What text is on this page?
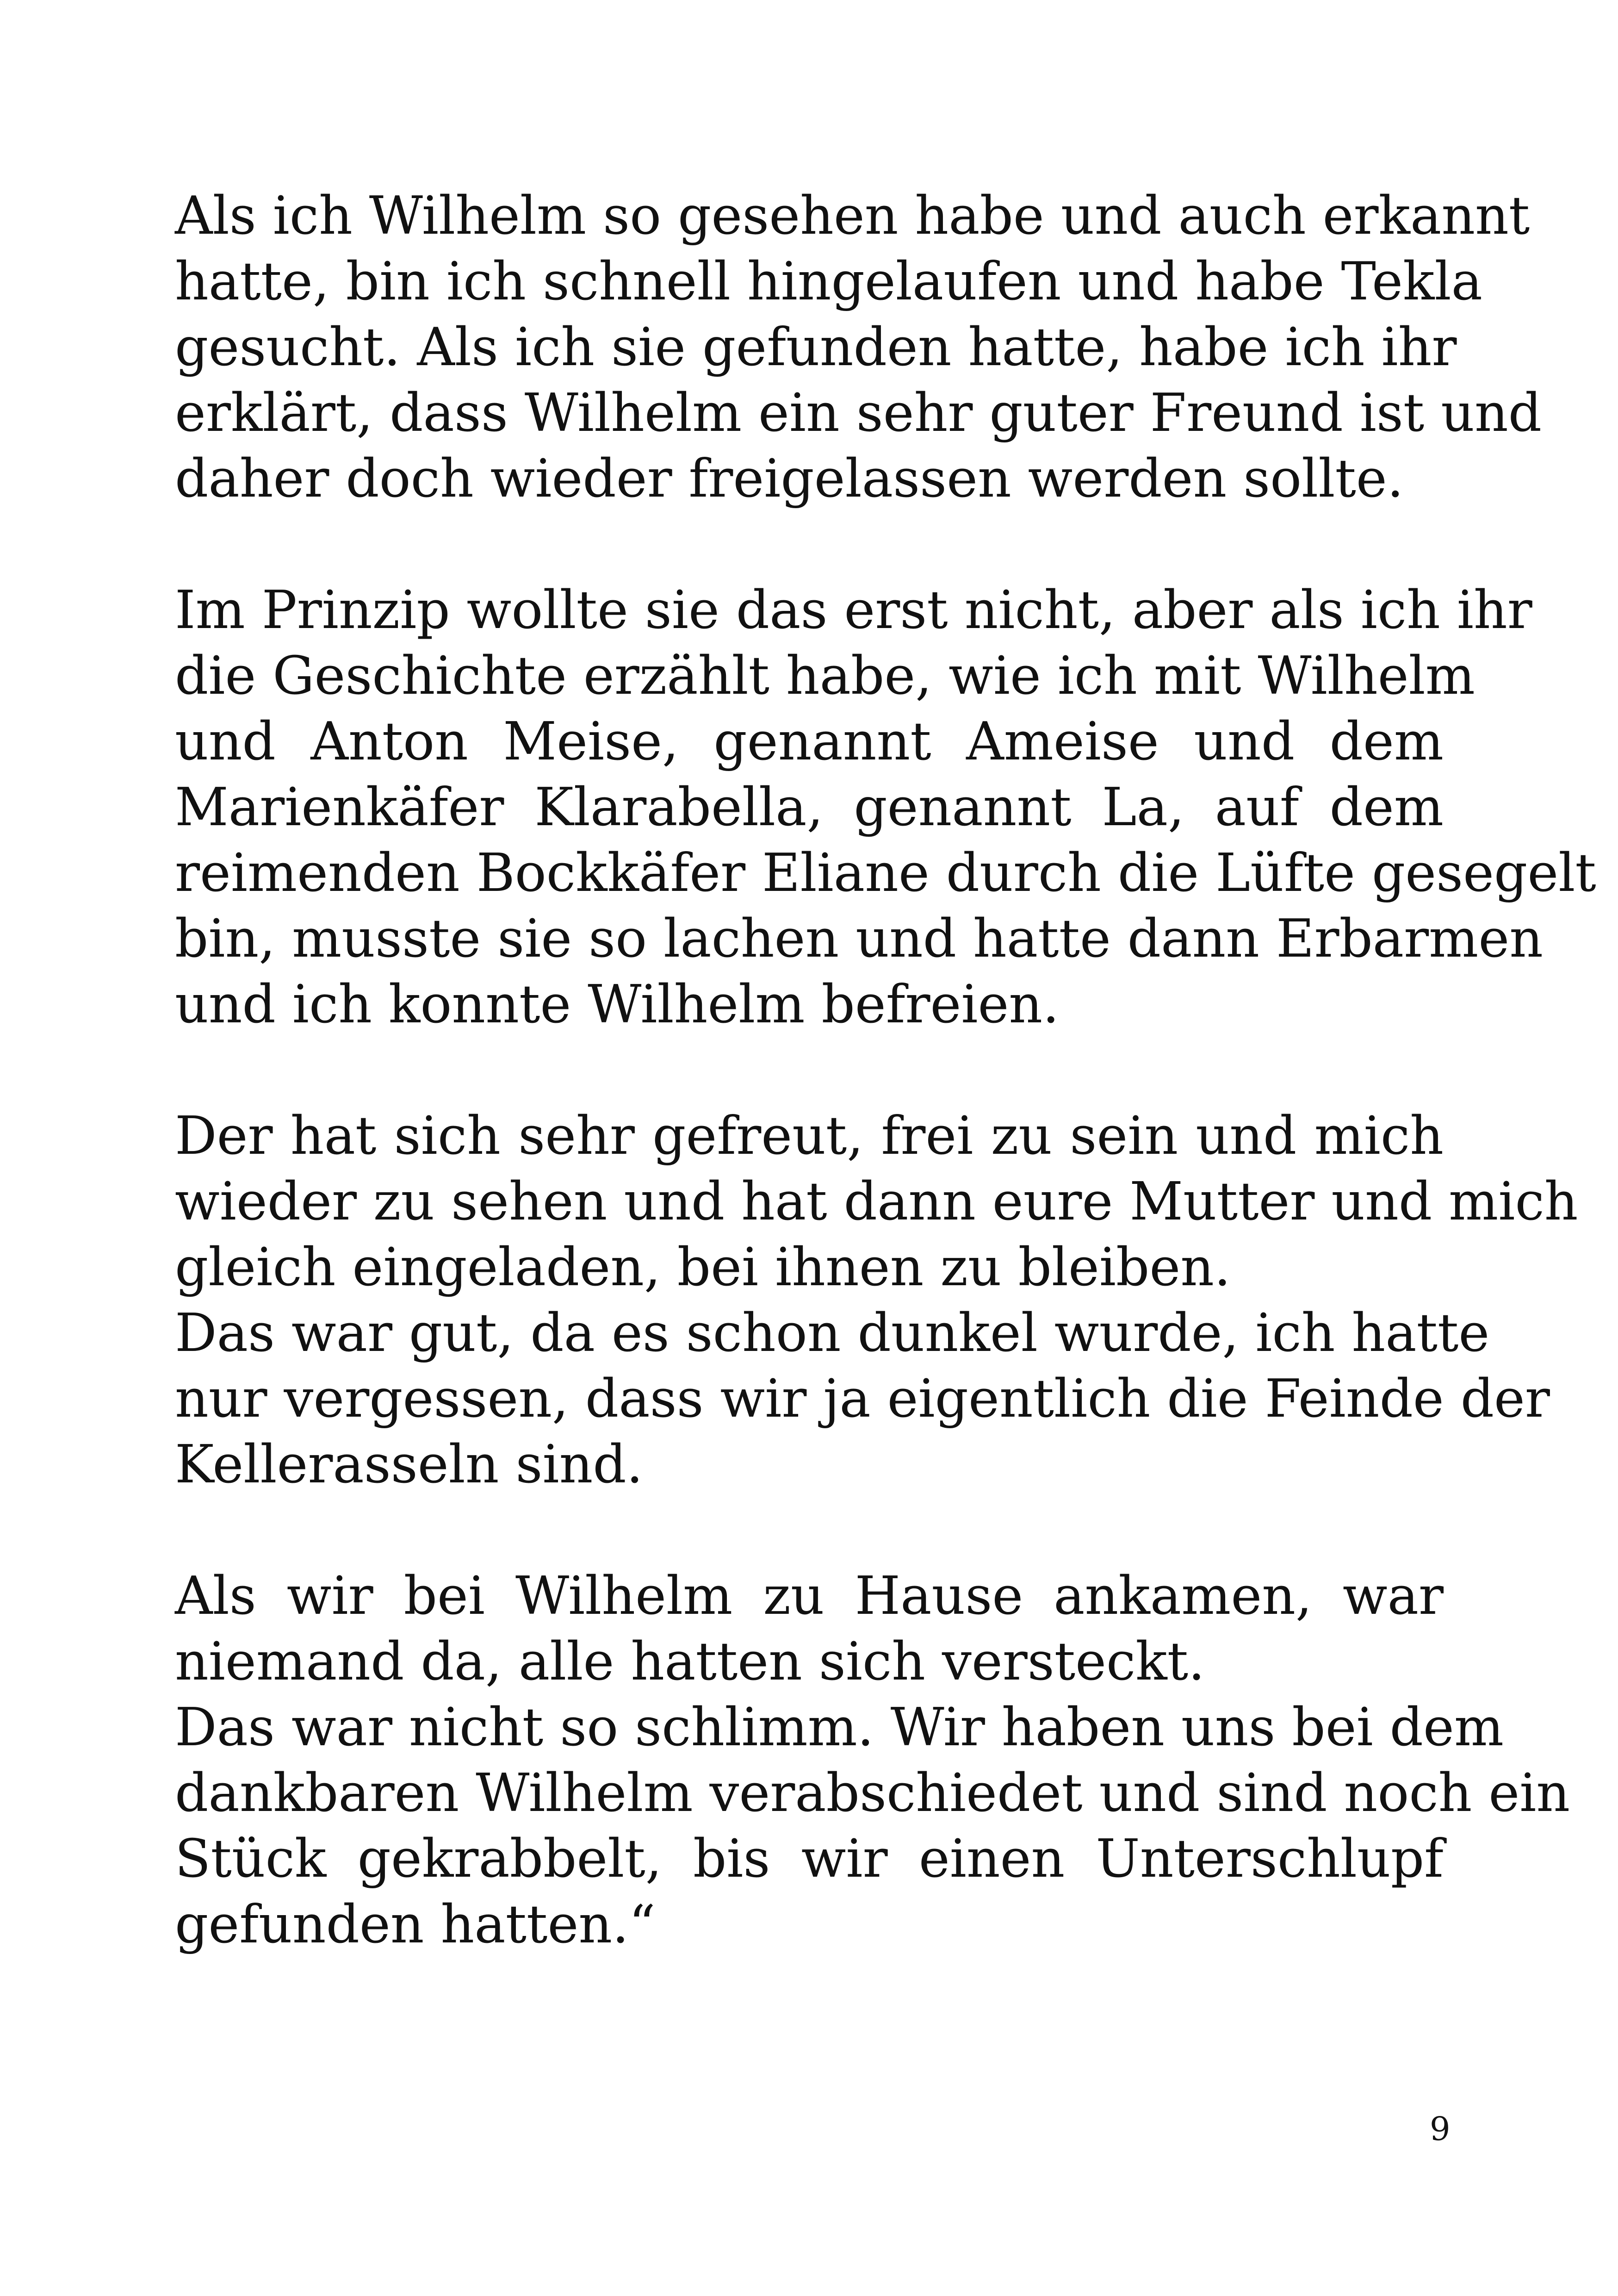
Als ich Wilhelm so gesehen habe und auch erkannt
hatte, bin ich schnell hingelaufen und habe Tekla
gesucht. Als ich sie gefunden hatte, habe ich ihr
erklärt, dass Wilhelm ein sehr guter Freund ist und
daher doch wieder freigelassen werden sollte.

Im Prinzip wollte sie das erst nicht, aber als ich ihr
die Geschichte erzählt habe, wie ich mit Wilhelm
und Anton Meise, genannt Ameise und dem
Marienkäfer Klarabella, genannt La, auf dem
reimenden Bockkäfer Eliane durch die Lüfte gesegelt
bin, musste sie so lachen und hatte dann Erbarmen
und ich konnte Wilhelm befreien.

Der hat sich sehr gefreut, frei zu sein und mich
wieder zu sehen und hat dann eure Mutter und mich
gleich eingeladen, bei ihnen zu bleiben.

Das war gut, da es schon dunkel wurde, ich hatte
nur vergessen, dass wir ja eigentlich die Feinde der
Kellerasseln sind.

Als wir bei Wilhelm zu Hause ankamen, war
niemand da, alle hatten sich versteckt.

Das war nicht so schlimm. Wir haben uns bei dem
dankbaren Wilhelm verabschiedet und sind noch ein
Stück gekrabbelt, bis wir einen Unterschlupf
gefunden hatten.“

9
